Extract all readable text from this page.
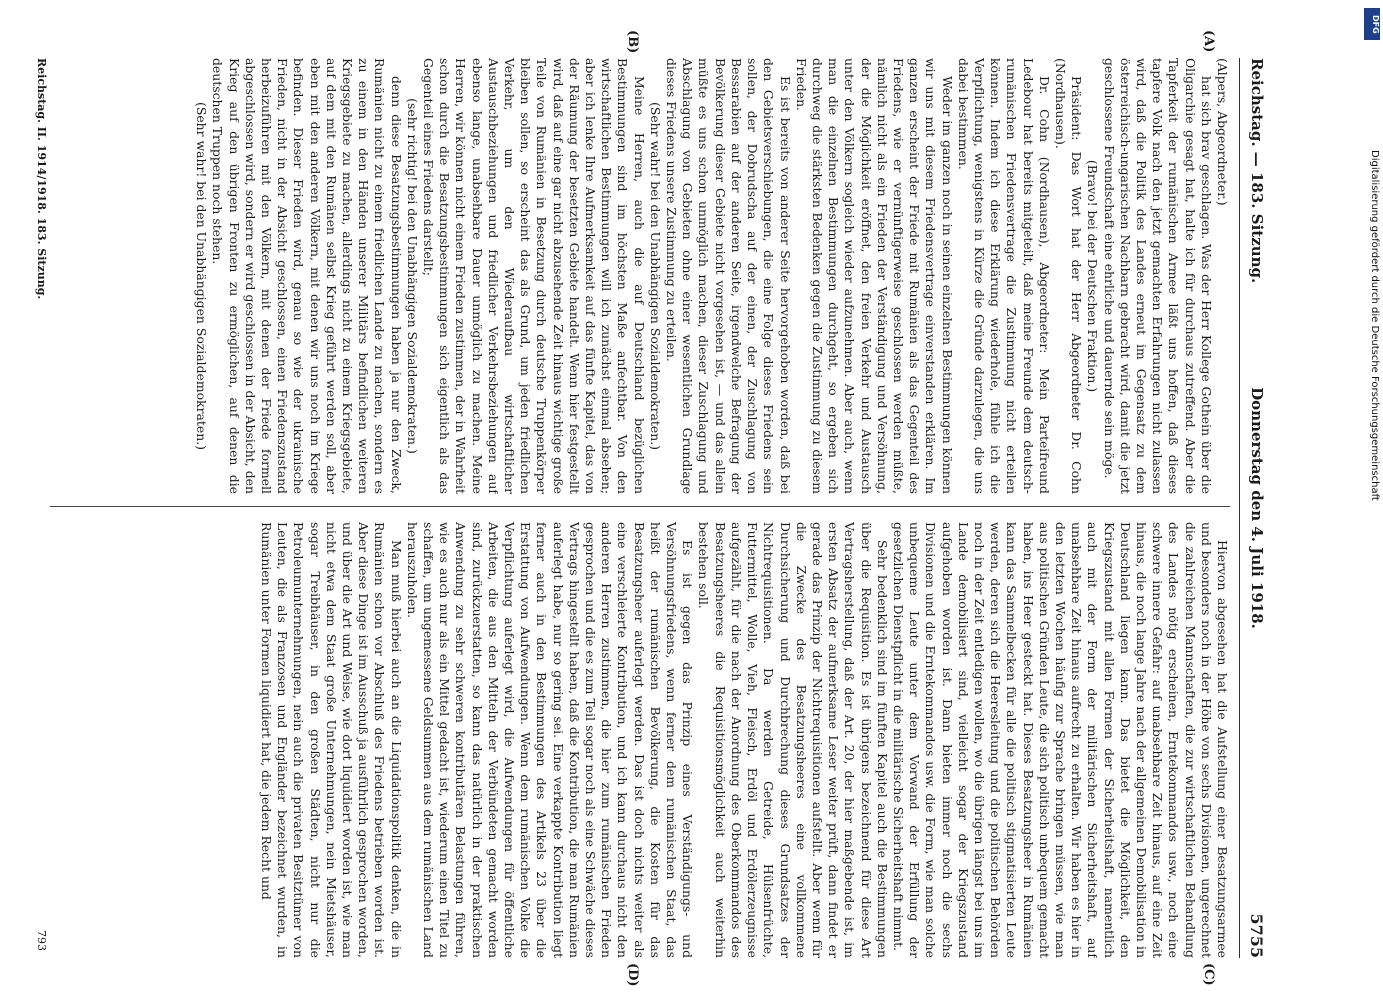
Reichstag. — 183. Sitzung.
Donnerstag den 4. Juli 1918.
5755
(A)
(B)
(C)
(D)

(Alpers, Abgeordneter.)

hat sich brav geschlagen. Was der Herr Kollege Gothein über die Oligarchie gesagt hat, halte ich für durchaus zutreffend. Aber die Tapferkeit der rumänischen Armee läßt uns hoffen, daß dieses tapfere Volk nach den jetzt gemachten Erfahrungen nicht zulassen wird, daß die Politik des Landes erneut im Gegensatz zu dem österreichisch-ungarischen Nachbarn gebracht wird, damit die jetzt geschlossene Freundschaft eine ehrliche und dauernde sein möge.

(Bravo! bei der Deutschen Fraktion.)

Präsident: Das Wort hat der Herr Abgeordneter Dr. Cohn (Nordhausen).

Dr. Cohn (Nordhausen), Abgeordneter: Mein Parteifreund Ledebour hat bereits mitgeteilt, daß meine Freunde dem deutsch-rumänischen Friedensvertrage die Zustimmung nicht erteilen können. Indem ich diese Erklärung wiederhole, fühle ich die Verpflichtung, wenigstens in Kürze die Gründe darzulegen, die uns dabei bestimmen.

Weder im ganzen noch in seinen einzelnen Bestimmungen können wir uns mit diesem Friedensvertrage einverstanden erklären. Im ganzen erscheint der Friede mit Rumänien als das Gegenteil des Friedens, wie er vernünftigerweise geschlossen werden müßte, nämlich nicht als ein Frieden der Verständigung und Versöhnung, der die Möglichkeit eröffnet, den freien Verkehr und Austausch unter den Völkern sogleich wieder aufzunehmen. Aber auch, wenn man die einzelnen Bestimmungen durchgeht, so ergeben sich durchweg die stärksten Bedenken gegen die Zustimmung zu diesem Frieden.

Es ist bereits von anderer Seite hervorgehoben worden, daß bei den Gebietsverschiebungen, die eine Folge dieses Friedens sein sollen, der Dobrudscha auf der einen, der Zuschlagung von Bessarabien auf der anderen Seite, irgendwelche Befragung der Bevölkerung dieser Gebiete nicht vorgesehen ist, — und das allein müßte es uns schon unmöglich machen, dieser Zuschlagung und Abschlagung von Gebieten ohne einer wesentlichen Grundlage dieses Friedens unsere Zustimmung zu erteilen.

(Sehr wahr! bei den Unabhängigen Sozialdemokraten.)

Meine Herren, auch die auf Deutschland bezüglichen Bestimmungen sind im höchsten Maße anfechtbar. Von den wirtschaftlichen Bestimmungen will ich zunächst einmal absehen; aber ich lenke Ihre Aufmerksamkeit auf das fünfte Kapitel, das von der Räumung der besetzten Gebiete handelt. Wenn hier festgestellt wird, daß auf eine gar nicht abzusehende Zeit hinaus wichtige große Teile von Rumänien in Besetzung durch deutsche Truppenkörper bleiben sollen, so erscheint das als Grund, um jeden friedlichen Verkehr, um den Wiederaufbau wirtschaftlicher Austauschbeziehungen und friedlicher Verkehrsbeziehungen auf ebenso lange, unabsehbare Dauer unmöglich zu machen. Meine Herren, wir können nicht einem Frieden zustimmen, der in Wahrheit schon durch die Besatzungsbestimmungen sich eigentlich als das Gegenteil eines Friedens darstellt;

(sehr richtig! bei den Unabhängigen Sozialdemokraten.)

denn diese Besatzungsbestimmungen haben ja nur den Zweck, Rumänien nicht zu einem friedlichen Lande zu machen, sondern es zu einem in den Händen unserer Militärs befindlichen weiteren Kriegsgebiete zu machen, allerdings nicht zu einem Kriegsgebiete, auf dem mit den Rumänen selbst Krieg geführt werden soll, aber eben mit den anderen Völkern, mit denen wir uns noch im Kriege befinden. Dieser Frieden wird, genau so wie der ukrainische Frieden, nicht in der Absicht geschlossen, einen Friedenszustand herbeizuführen mit den Völkern, mit denen der Friede formell abgeschlossen wird, sondern er wird geschlossen in der Absicht, den Krieg auf den übrigen Fronten zu ermöglichen, auf denen die deutschen Truppen noch stehen.

(Sehr wahr! bei den Unabhängigen Sozialdemokraten.)

Hiervon abgesehen hat die Aufstellung einer Besatzungsarmee und besonders noch in der Höhe von sechs Divisionen, ungerechnet die zahlreichen Mannschaften, die zur wirtschaftlichen Behandlung des Landes nötig erscheinen, Erntekommandos usw., noch eine schwere innere Gefahr: auf unabsehbare Zeit hinaus, auf eine Zeit hinaus, die noch lange Jahre nach der allgemeinen Demobilisation in Deutschland liegen kann. Das bietet die Möglichkeit, den Kriegszustand mit allen Formen der Sicherheitshaft, namentlich auch mit der Form der militärischen Sicherheitshaft, auf unabsehbare Zeit hinaus aufrecht zu erhalten. Wir haben es hier in den letzten Wochen häufig zur Sprache bringen müssen, wie man aus politischen Gründen Leute, die sich politisch unbequem gemacht haben, ins Heer gesteckt hat. Dieses Besatzungsheer in Rumänien kann das Sammelbecken für alle die politisch stigmatisierten Leute werden, deren sich die Heeresleitung und die politischen Behörden noch in der Zeit entledigen wollen, wo die übrigen längst bei uns im Lande demobilisiert sind, vielleicht sogar der Kriegszustand aufgehoben worden ist. Dann bieten immer noch die sechs Divisionen und die Erntekommandos usw. die Form, wie man solche unbequeme Leute unter dem Vorwand der Erfüllung der gesetzlichen Dienstpflicht in die militärische Sicherheitshaft nimmt.

Sehr bedenklich sind im fünften Kapitel auch die Bestimmungen über die Requisition. Es ist übrigens bezeichnend für diese Art Vertragsherstellung, daß der Art. 20, der hier maßgebende ist, im ersten Absatz der aufmerksame Leser weiter prüft, dann findet er gerade das Prinzip der Nichtrequisitionen aufstellt. Aber wenn für die Zwecke des Besatzungsheeres eine vollkommene Durchsicherung und Durchbrechung dieses Grundsatzes der Nichtrequisitionen. Da werden Getreide, Hülsenfrüchte, Futtermittel, Wolle, Vieh, Fleisch, Erdöl und Erdölerzeugnisse aufgezählt, für die nach der Anordnung des Oberkommandos des Besatzungsheeres die Requisitionsmöglichkeit auch weiterhin bestehen soll.

Es ist gegen das Prinzip eines Verständigungs- und Versöhnungsfriedens, wenn ferner dem rumänischen Staat, das heißt der rumänischen Bevölkerung, die Kosten für das Besatzungsheer auferlegt werden. Das ist doch nichts weiter als eine verschleierte Kontribution, und ich kann durchaus nicht den anderen Herren zustimmen, die hier zum rumänischen Frieden gesprochen und die es zum Teil sogar noch als eine Schwäche dieses Vertrags hingestellt haben, daß die Kontribution, die man Rumänien auferlegt habe, nur so gering sei. Eine verkappte Kontribution liegt ferner auch in den Bestimmungen des Artikels 23 über die Erstattung von Aufwendungen. Wenn dem rumänischen Volke die Verpflichtung auferlegt wird, die Aufwendungen für öffentliche Arbeiten, die aus den Mitteln der Verbündeten gemacht worden sind, zurückzuerstatten, so kann das natürlich in der praktischen Anwendung zu sehr schweren kontributären Belastungen führen, wie es auch nur als ein Mittel gedacht ist, wiederum einen Titel zu schaffen, um ungemessene Geldsummen aus dem rumänischen Land herauszuholen.

Man muß hierbei auch an die Liquidationspolitik denken, die in Rumänien schon vor Abschluß des Friedens betrieben worden ist. Aber diese Dinge ist im Ausschuß ja ausführlich gesprochen worden, und über die Art und Weise, wie dort liquidiert worden ist, wie man nicht etwa dem Staat große Unternehmungen, nein Mietshäuser, sogar Treibhäuser, in den großen Städten, nicht nur die Petroleumunternehmungen, nein auch die privaten Besitztümer von Leuten, die als Franzosen und Engländer bezeichnet wurden, in Rumänien unter Formen liquidiert hat, die jedem Recht und

Reichstag. II. 1914/1918. 183. Sitzung.
793
DFG
Digitalisierung gefördert durch die Deutsche Forschungsgemeinschaft
